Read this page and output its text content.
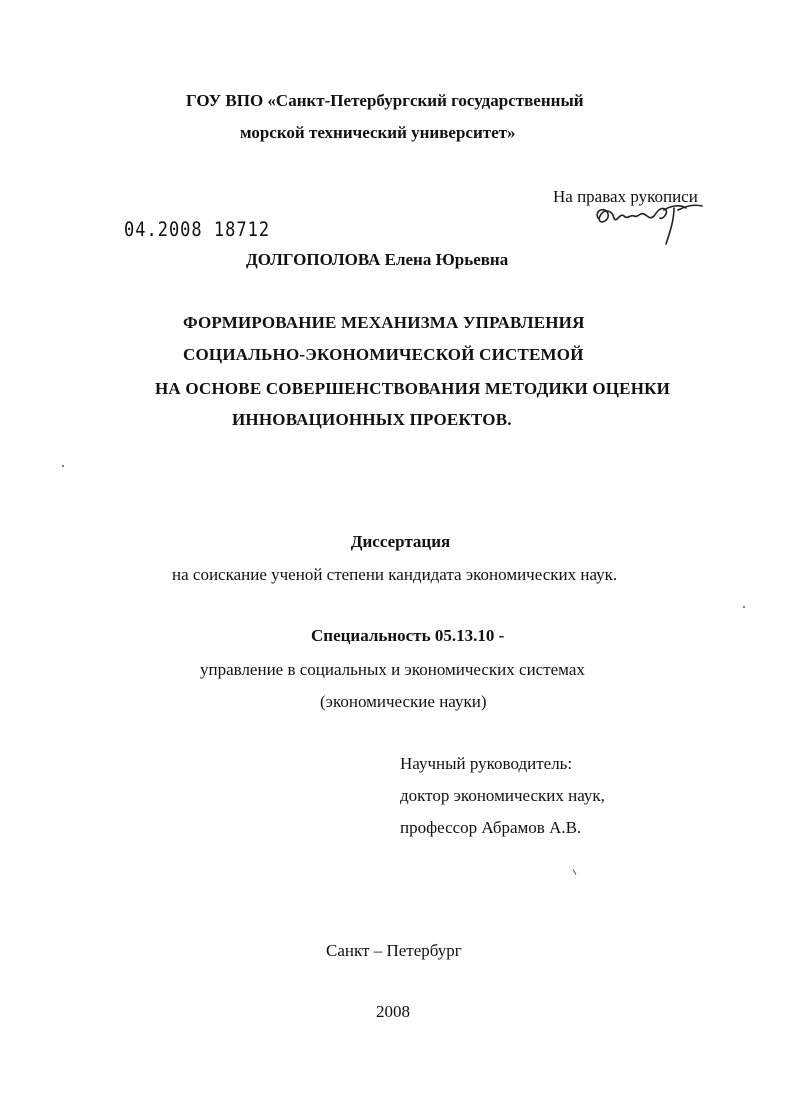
ГОУ ВПО «Санкт-Петербургский государственный
морской технический университет»
На правах рукописи
04.2008 18712
ДОЛГОПОЛОВА Елена Юрьевна
ФОРМИРОВАНИЕ МЕХАНИЗМА УПРАВЛЕНИЯ
СОЦИАЛЬНО-ЭКОНОМИЧЕСКОЙ СИСТЕМОЙ
НА ОСНОВЕ СОВЕРШЕНСТВОВАНИЯ МЕТОДИКИ ОЦЕНКИ
ИННОВАЦИОННЫХ ПРОЕКТОВ.
Диссертация
на соискание ученой степени кандидата экономических наук.
Специальность 05.13.10 -
управление в социальных и экономических системах
(экономические науки)
Научный руководитель:
доктор экономических наук,
профессор Абрамов А.В.
Санкт – Петербург
2008
